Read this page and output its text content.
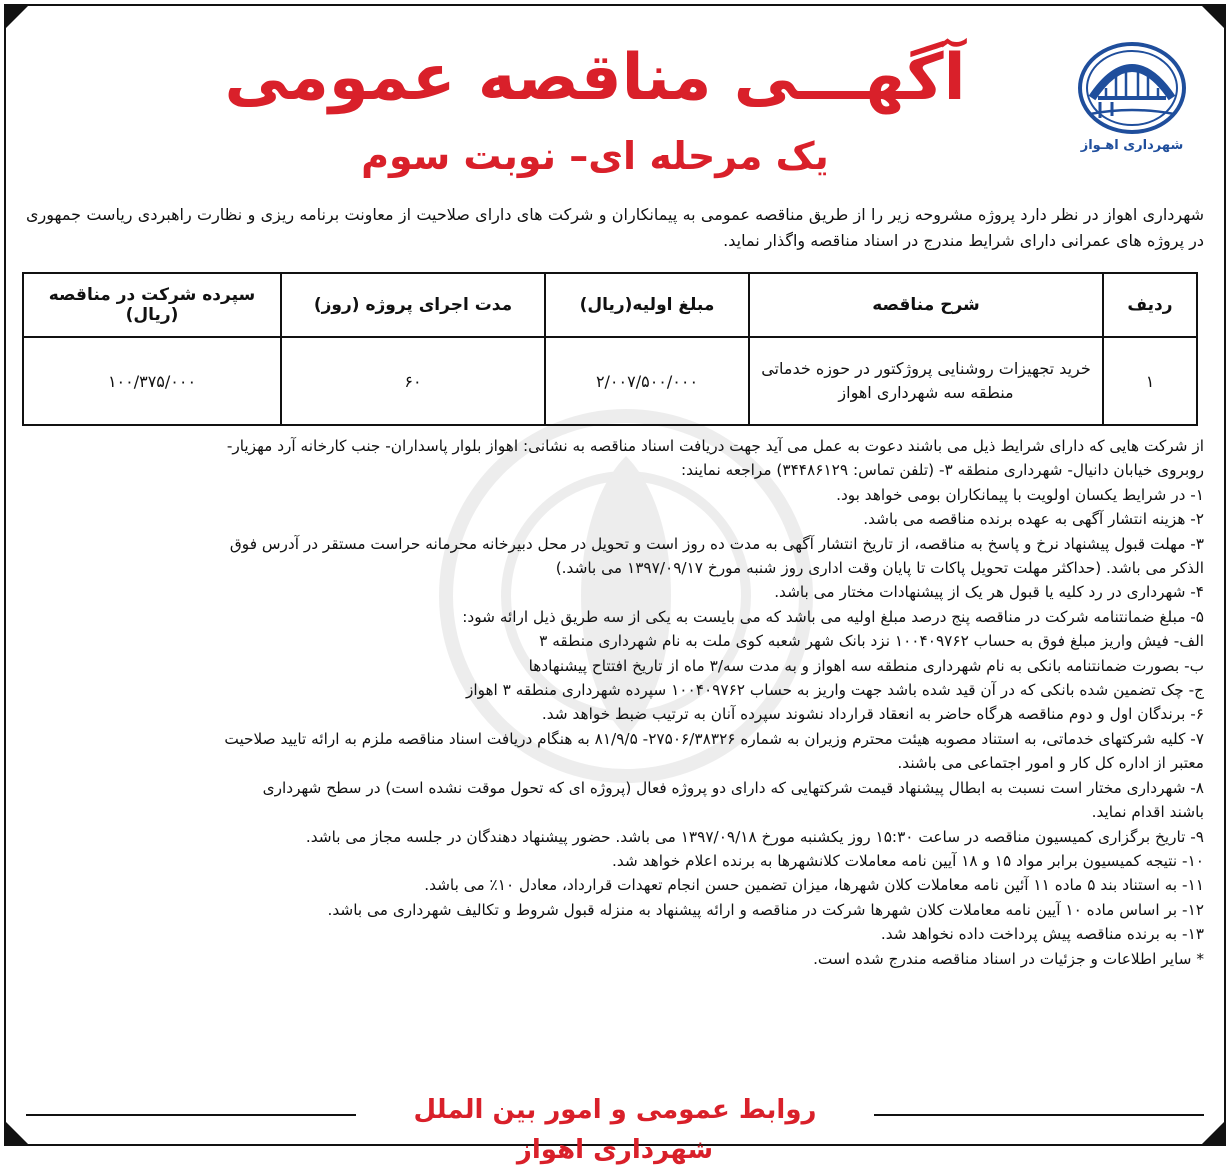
شهرداری اهـواز
آگهـــی مناقصه عمومی
یک مرحله ای– نوبت سوم
شهرداری اهواز در نظر دارد پروژه مشروحه زیر را از طریق مناقصه عمومی به پیمانکاران و شرکت های دارای صلاحیت از معاونت برنامه ریزی و نظارت راهبردی ریاست جمهوری در پروژه های عمرانی دارای شرایط مندرج در اسناد مناقصه واگذار نماید.
ردیف	شرح مناقصه	مبلغ اولیه(ریال)	مدت اجرای پروژه (روز)	سپرده شرکت در مناقصه (ریال)
۱	خرید تجهیزات روشنایی پروژکتور در حوزه خدماتی منطقه سه شهرداری اهواز	۲/۰۰۷/۵۰۰/۰۰۰	۶۰	۱۰۰/۳۷۵/۰۰۰

از شرکت هایی که دارای شرایط ذیل می باشند دعوت به عمل می آید جهت دریافت اسناد مناقصه به نشانی: اهواز بلوار پاسداران- جنب کارخانه آرد مهزیار-

روبروی خیابان دانیال- شهرداری منطقه ۳- (تلفن تماس: ۳۴۴۸۶۱۲۹) مراجعه نمایند:

۱- در شرایط یکسان اولویت با پیمانکاران بومی خواهد بود.

۲- هزینه انتشار آگهی به عهده برنده مناقصه می باشد.

۳- مهلت قبول پیشنهاد نرخ و پاسخ به مناقصه، از تاریخ انتشار آگهی به مدت ده روز است و تحویل در محل دبیرخانه محرمانه حراست مستقر در آدرس فوق

الذکر می باشد. (حداکثر مهلت تحویل پاکات تا پایان وقت اداری روز شنبه مورخ ۱۳۹۷/۰۹/۱۷ می باشد.)

۴- شهرداری در رد کلیه یا قبول هر یک از پیشنهادات مختار می باشد.

۵- مبلغ ضمانتنامه شرکت در مناقصه پنج درصد مبلغ اولیه می باشد که می بایست به یکی از سه طریق ذیل ارائه شود:

الف- فیش واریز مبلغ فوق به حساب ۱۰۰۴۰۹۷۶۲ نزد بانک شهر شعبه کوی ملت به نام شهرداری منطقه ۳

ب- بصورت ضمانتنامه بانکی به نام شهرداری منطقه سه اهواز و به مدت سه/۳ ماه از تاریخ افتتاح پیشنهادها

ج- چک تضمین شده بانکی که در آن قید شده باشد جهت واریز به حساب ۱۰۰۴۰۹۷۶۲ سپرده شهرداری منطقه ۳ اهواز

۶- برندگان اول و دوم مناقصه هرگاه حاضر به انعقاد قرارداد نشوند سپرده آنان به ترتیب ضبط خواهد شد.

۷- کلیه شرکتهای خدماتی، به استناد مصوبه هیئت محترم وزیران به شماره ۲۷۵۰۶/۳۸۳۲۶- ۸۱/۹/۵ به هنگام دریافت اسناد مناقصه ملزم به ارائه تایید صلاحیت

معتبر از اداره کل کار و امور اجتماعی می باشند.

۸- شهرداری مختار است نسبت به ابطال پیشنهاد قیمت شرکتهایی که دارای دو پروژه فعال (پروژه ای که تحول موقت نشده است) در سطح شهرداری

باشند اقدام نماید.

۹- تاریخ برگزاری کمیسیون مناقصه در ساعت ۱۵:۳۰ روز یکشنبه مورخ ۱۳۹۷/۰۹/۱۸ می باشد. حضور پیشنهاد دهندگان در جلسه مجاز می باشد.

۱۰- نتیجه کمیسیون برابر مواد ۱۵ و ۱۸ آیین نامه معاملات کلانشهرها به برنده اعلام خواهد شد.

۱۱- به استناد بند ۵ ماده ۱۱ آئین نامه معاملات کلان شهرها، میزان تضمین حسن انجام تعهدات قرارداد، معادل ۱۰٪ می باشد.

۱۲- بر اساس ماده ۱۰ آیین نامه معاملات کلان شهرها شرکت در مناقصه و ارائه پیشنهاد به منزله قبول شروط و تکالیف شهرداری می باشد.

۱۳- به برنده مناقصه پیش پرداخت داده نخواهد شد.

* سایر اطلاعات و جزئیات در اسناد مناقصه مندرج شده است.

روابط عمومی و امور بین الملل شهرداری اهواز
